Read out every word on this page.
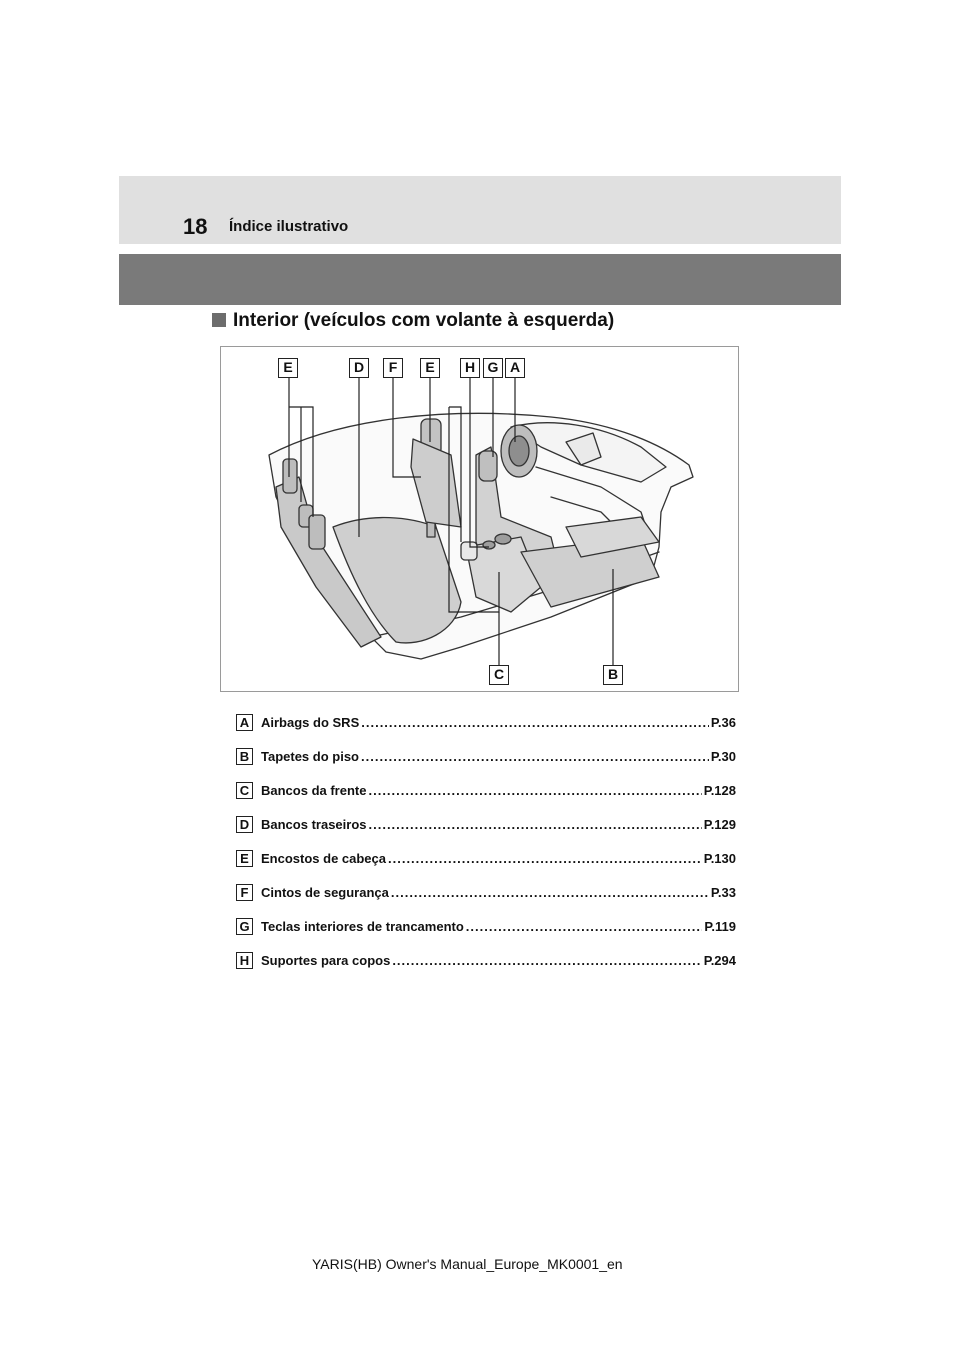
18 Índice ilustrativo
Interior (veículos com volante à esquerda)
E	D	F	E	H G A
C	B
A Airbags do SRS .....	P.36
B Tapetes do piso .....	P.30
C Bancos da frente .....	P.128
D Bancos traseiros .....	P.129
E Encostos de cabeça .....	P.130
F Cintos de segurança .....	P.33
G Teclas interiores de trancamento .....	P.119
H Suportes para copos .....	P.294
YARIS(HB) Owner's Manual_Europe_MK0001_en
